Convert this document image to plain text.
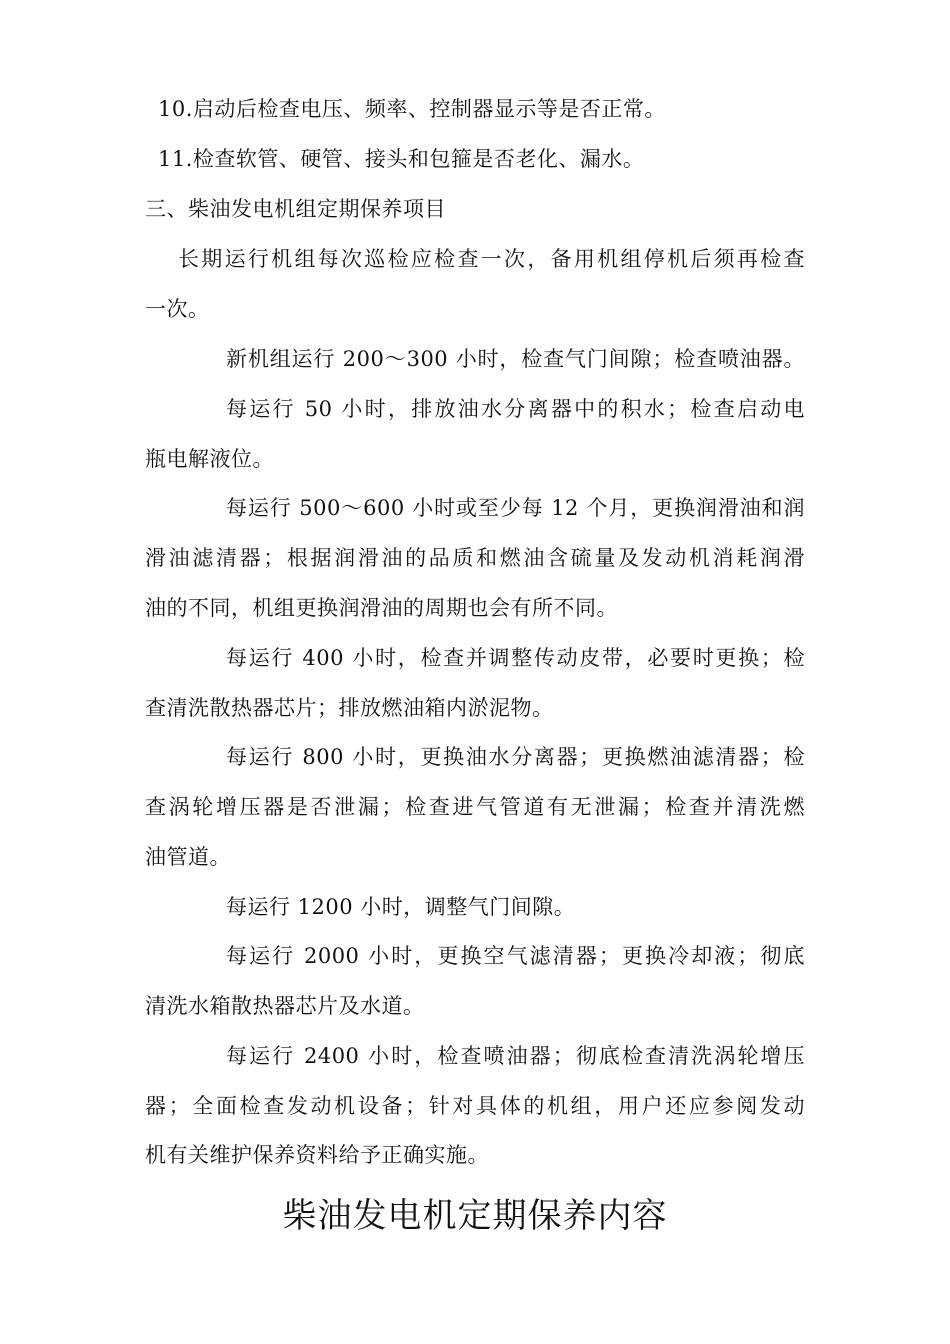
10.启动后检查电压、频率、控制器显示等是否正常。
11.检查软管、硬管、接头和包箍是否老化、漏水。
三、柴油发电机组定期保养项目
长期运行机组每次巡检应检查一次，备用机组停机后须再检查
一次。
新机组运行 200～300 小时，检查气门间隙；检查喷油器。
每运行 50 小时，排放油水分离器中的积水；检查启动电
瓶电解液位。
每运行 500～600 小时或至少每 12 个月，更换润滑油和润
滑油滤清器；根据润滑油的品质和燃油含硫量及发动机消耗润滑
油的不同，机组更换润滑油的周期也会有所不同。
每运行 400 小时，检查并调整传动皮带，必要时更换；检
查清洗散热器芯片；排放燃油箱内淤泥物。
每运行 800 小时，更换油水分离器；更换燃油滤清器；检
查涡轮增压器是否泄漏；检查进气管道有无泄漏；检查并清洗燃
油管道。
每运行 1200 小时，调整气门间隙。
每运行 2000 小时，更换空气滤清器；更换冷却液；彻底
清洗水箱散热器芯片及水道。
每运行 2400 小时，检查喷油器；彻底检查清洗涡轮增压
器；全面检查发动机设备；针对具体的机组，用户还应参阅发动
机有关维护保养资料给予正确实施。
柴油发电机定期保养内容
